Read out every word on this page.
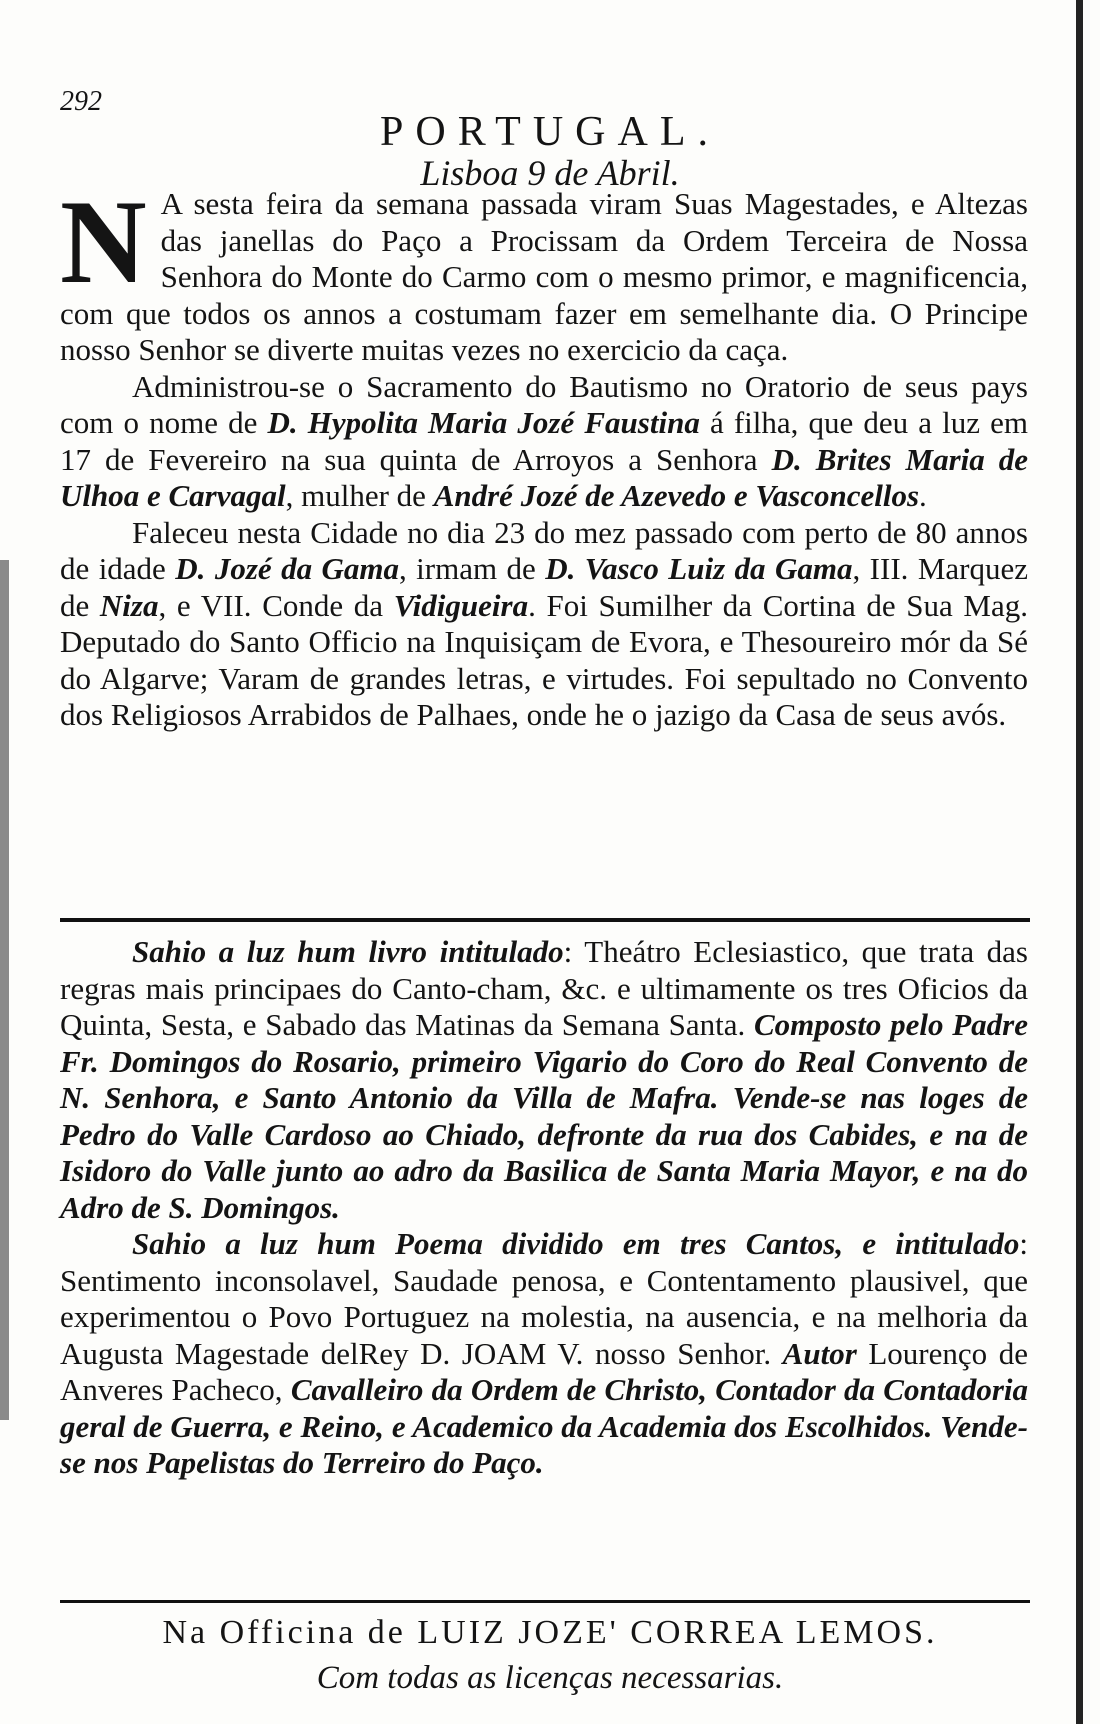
292
PORTUGAL.
Lisboa 9 de Abril.

N A sesta feira da semana passada viram Suas Magestades, e Altezas das janellas do Paço a Procissam da Ordem Terceira de Nossa Senhora do Monte do Carmo com o mesmo primor, e magnificencia, com que todos os annos a costumam fazer em semelhante dia. O Principe nosso Senhor se diverte muitas vezes no exercicio da caça.

Administrou-se o Sacramento do Bautismo no Oratorio de seus pays com o nome de D. Hypolita Maria Jozé Faustina á filha, que deu a luz em 17 de Fevereiro na sua quinta de Arroyos a Senhora D. Brites Maria de Ulhoa e Carvagal, mulher de André Jozé de Azevedo e Vasconcellos.

Faleceu nesta Cidade no dia 23 do mez passado com perto de 80 annos de idade D. Jozé da Gama, irmam de D. Vasco Luiz da Gama, III. Marquez de Niza, e VII. Conde da Vidigueira. Foi Sumilher da Cortina de Sua Mag. Deputado do Santo Officio na Inquisiçam de Evora, e Thesoureiro mór da Sé do Algarve; Varam de grandes letras, e virtudes. Foi sepultado no Convento dos Religiosos Arrabidos de Palhaes, onde he o jazigo da Casa de seus avós.

Sahio a luz hum livro intitulado: Theátro Eclesiastico, que trata das regras mais principaes do Canto-cham, &c. e ultimamente os tres Oficios da Quinta, Sesta, e Sabado das Matinas da Semana Santa. Composto pelo Padre Fr. Domingos do Rosario, primeiro Vigario do Coro do Real Convento de N. Senhora, e Santo Antonio da Villa de Mafra. Vende-se nas loges de Pedro do Valle Cardoso ao Chiado, defronte da rua dos Cabides, e na de Isidoro do Valle junto ao adro da Basilica de Santa Maria Mayor, e na do Adro de S. Domingos.

Sahio a luz hum Poema dividido em tres Cantos, e intitulado: Sentimento inconsolavel, Saudade penosa, e Contentamento plausivel, que experimentou o Povo Portuguez na molestia, na ausencia, e na melhoria da Augusta Magestade delRey D. JOAM V. nosso Senhor. Autor Lourenço de Anveres Pacheco, Cavalleiro da Ordem de Christo, Contador da Contadoria geral de Guerra, e Reino, e Academico da Academia dos Escolhidos. Vende-se nos Papelistas do Terreiro do Paço.

Na Officina de LUIZ JOZE' CORREA LEMOS.
Com todas as licenças necessarias.
